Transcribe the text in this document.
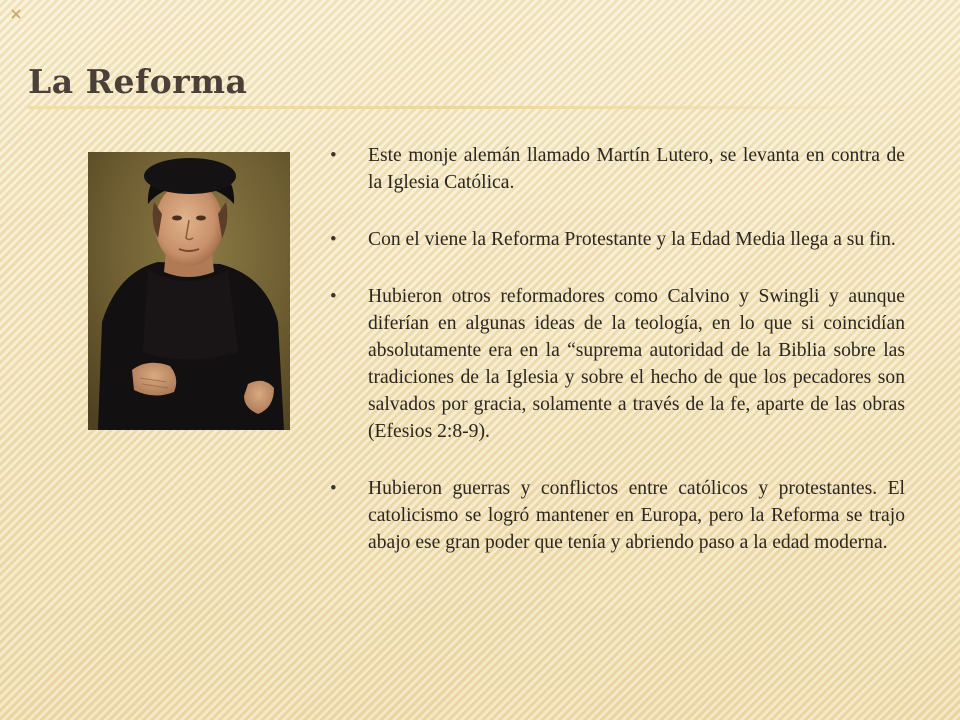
La Reforma
• Este monje alemán llamado Martín Lutero, se levanta en contra de la Iglesia Católica.
• Con el viene la Reforma Protestante y la Edad Media llega a su fin.
• Hubieron otros reformadores como Calvino y Swingli y aunque diferían en algunas ideas de la teología, en lo que si coincidían absolutamente era en la “suprema autoridad de la Biblia sobre las tradiciones de la Iglesia y sobre el hecho de que los pecadores son salvados por gracia, solamente a través de la fe, aparte de las obras (Efesios 2:8-9).
• Hubieron guerras y conflictos entre católicos y protestantes. El catolicismo se logró mantener en Europa, pero la Reforma se trajo abajo ese gran poder que tenía y abriendo paso a la edad moderna.⃞
